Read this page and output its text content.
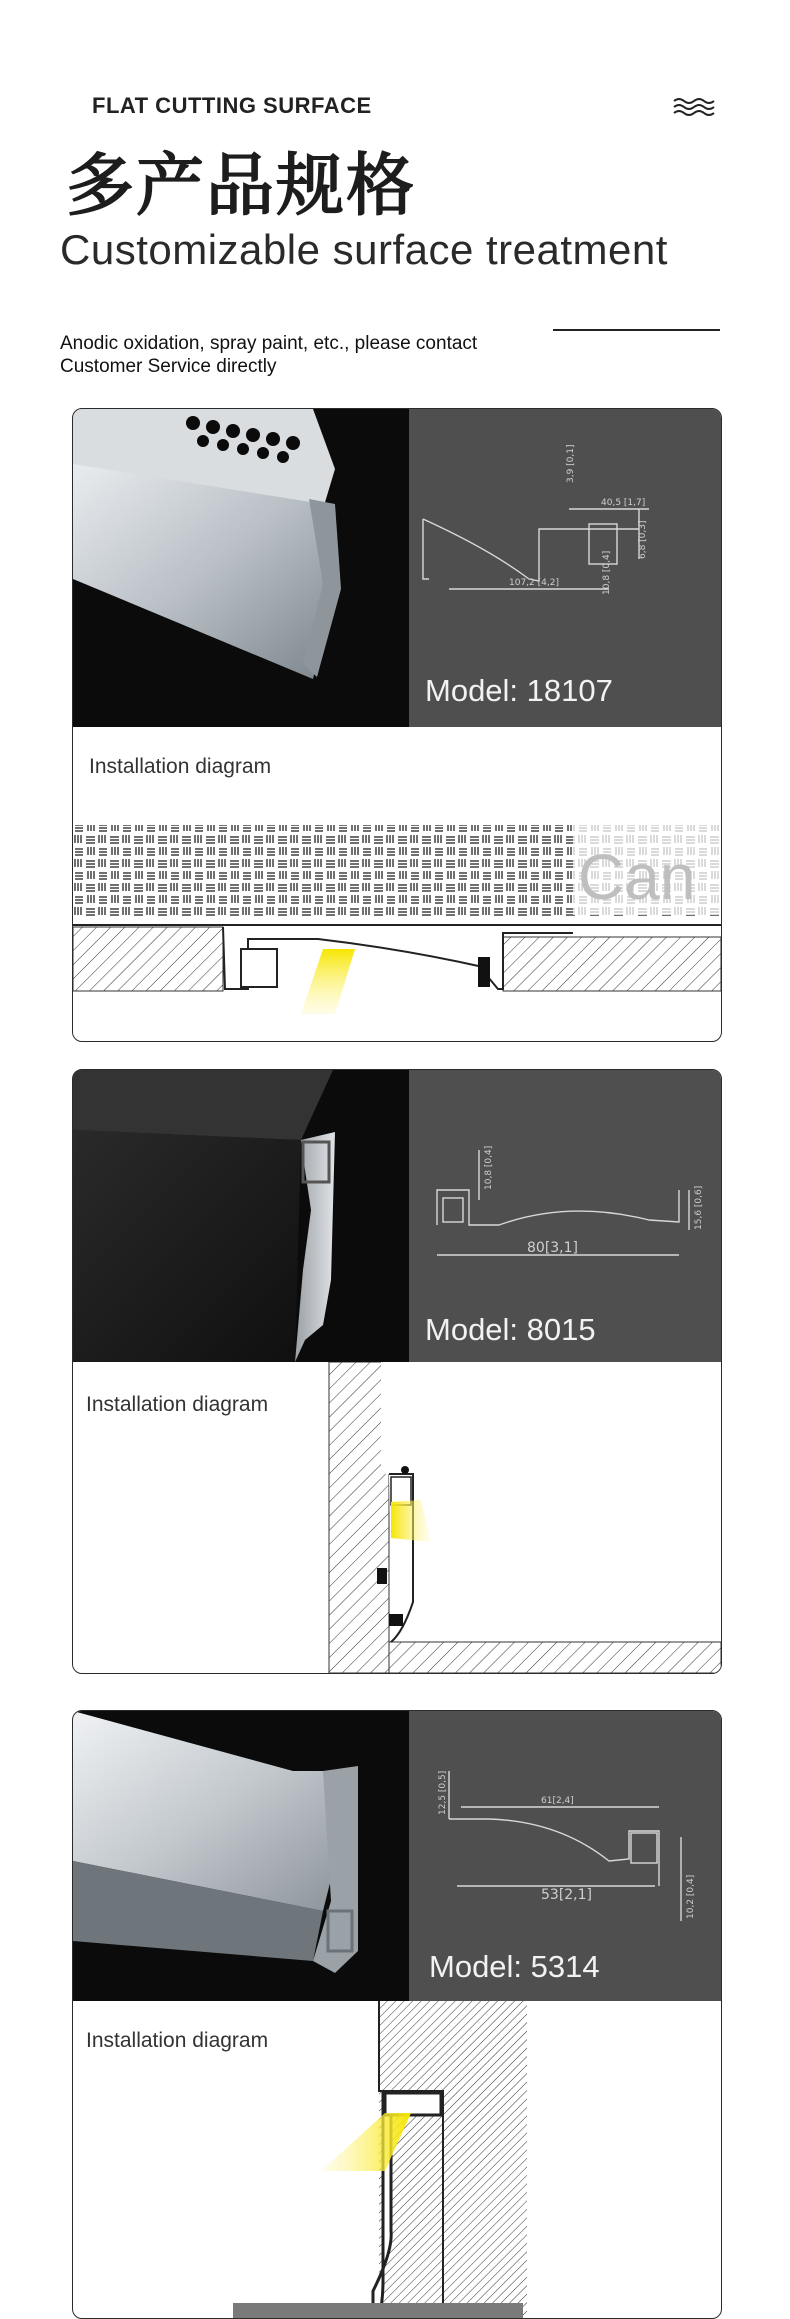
FLAT CUTTING SURFACE
多产品规格
Customizable surface treatment
Anodic oxidation, spray paint, etc., please contact Customer Service directly
3,9 [0,1]
40,5 [1,7]
6,8 [0,3]
107,2 [4,2]	10,8 [0,4]
Model: 18107
Installation diagram
Can
10,8 [0,4]
15,6 [0,6]
80[3,1]
Model: 8015
Installation diagram
12,5 [0,5]	61[2,4]
10,2 [0,4]
53[2,1]
Model: 5314
Installation diagram
